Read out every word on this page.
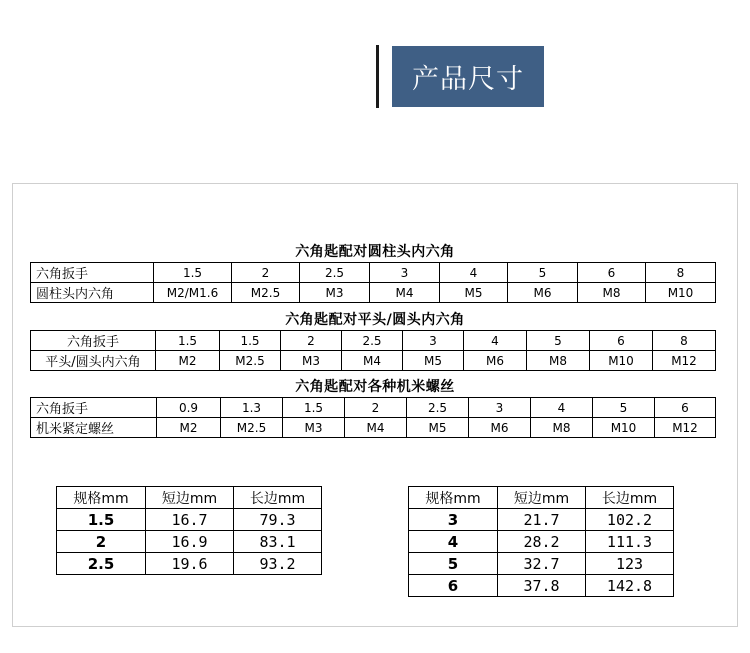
产品尺寸
六角匙配对圆柱头内六角
六角扳手	1.5	2	2.5	3	4	5	6	8
圆柱头内六角	M2/M1.6	M2.5	M3	M4	M5	M6	M8	M10
六角匙配对平头/圆头内六角
六角扳手	1.5	1.5	2	2.5	3	4	5	6	8
平头/圆头内六角	M2	M2.5	M3	M4	M5	M6	M8	M10	M12
六角匙配对各种机米螺丝
六角扳手	0.9	1.3	1.5	2	2.5	3	4	5	6
机米紧定螺丝	M2	M2.5	M3	M4	M5	M6	M8	M10	M12
规格mm	短边mm	长边mm
1.5	16.7	79.3
2	16.9	83.1
2.5	19.6	93.2
规格mm	短边mm	长边mm
3	21.7	102.2
4	28.2	111.3
5	32.7	123
6	37.8	142.8
